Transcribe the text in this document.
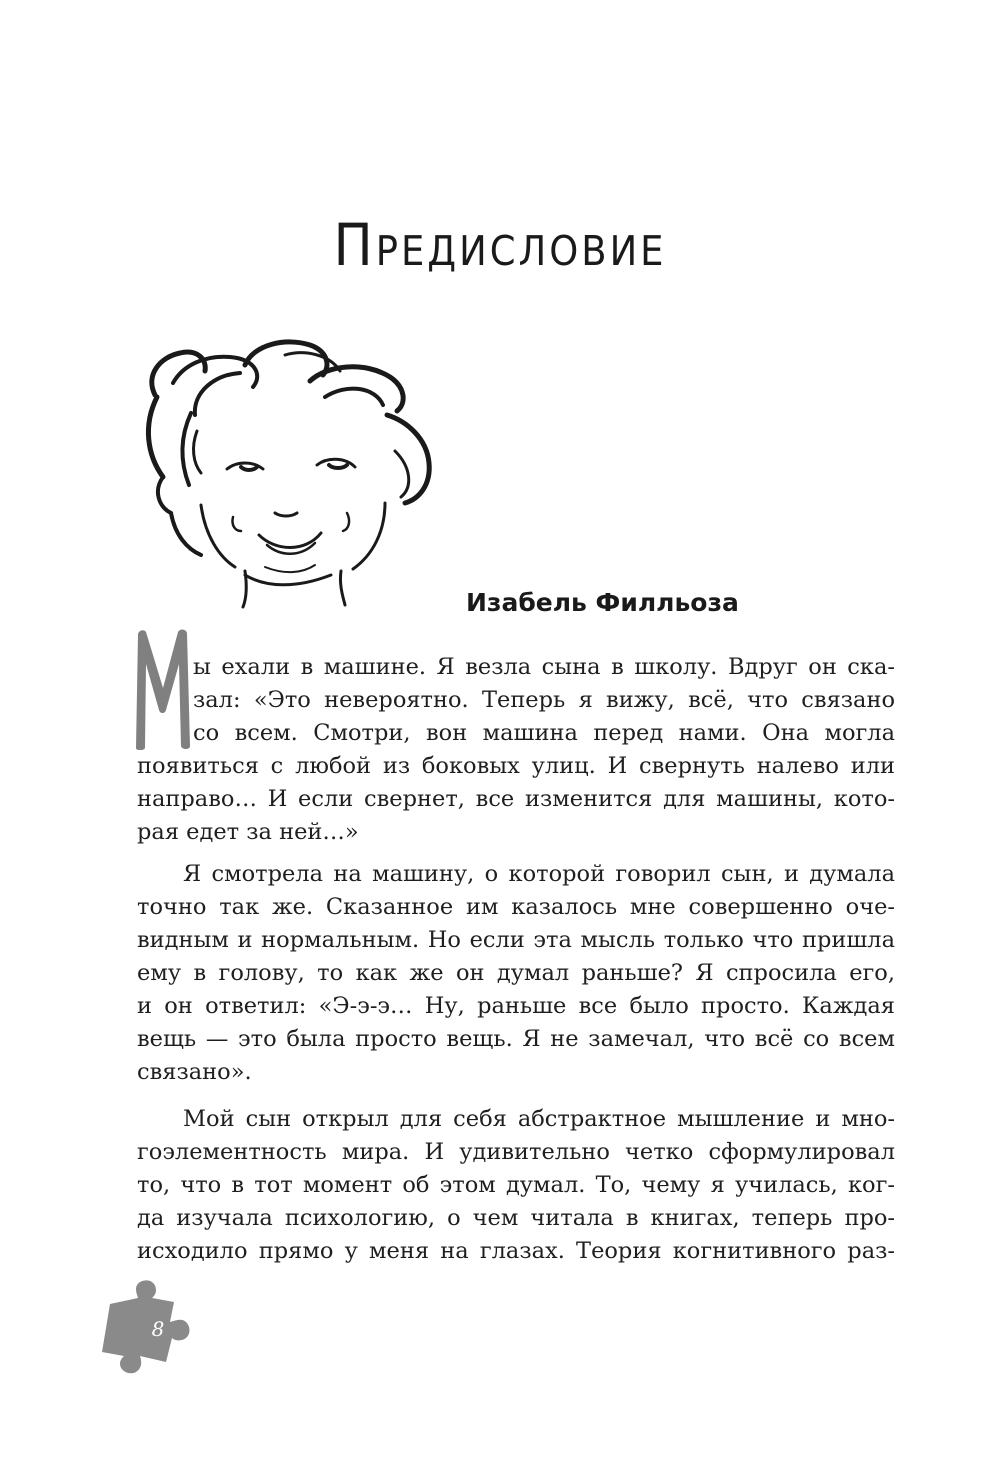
Предисловие
Изабель Филльоза
ы ехали в машине. Я везла сына в школу. Вдруг он ска-
зал: «Это невероятно. Теперь я вижу, всё, что связано
со всем. Смотри, вон машина перед нами. Она могла
появиться с любой из боковых улиц. И свернуть налево или
направо… И если свернет, все изменится для машины, кото-
рая едет за ней…»
Я смотрела на машину, о которой говорил сын, и думала
точно так же. Сказанное им казалось мне совершенно оче-
видным и нормальным. Но если эта мысль только что пришла
ему в голову, то как же он думал раньше? Я спросила его,
и он ответил: «Э-э-э… Ну, раньше все было просто. Каждая
вещь — это была просто вещь. Я не замечал, что всё со всем
связано».
Мой сын открыл для себя абстрактное мышление и мно-
гоэлементность мира. И удивительно четко сформулировал
то, что в тот момент об этом думал. То, чему я училась, ког-
да изучала психологию, о чем читала в книгах, теперь про-
исходило прямо у меня на глазах. Теория когнитивного раз-
8
